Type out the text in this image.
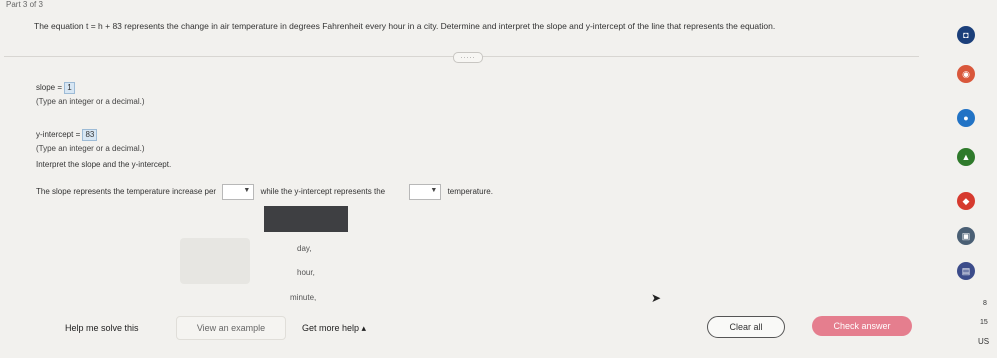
Part 3 of 3
The equation t = h + 83 represents the change in air temperature in degrees Fahrenheit every hour in a city. Determine and interpret the slope and y-intercept of the line that represents the equation.
.....
slope = 1
(Type an integer or a decimal.)
y-intercept = 83
(Type an integer or a decimal.)
Interpret the slope and the y-intercept.
The slope represents the temperature increase per	▼ while the y-intercept represents the	▼ temperature.
day,
hour,
minute,	➤
Help me solve this	View an example	Get more help ▴	Clear all	Check answer
◘
◉
●
▲
◆
▣
▤
8
15
US
